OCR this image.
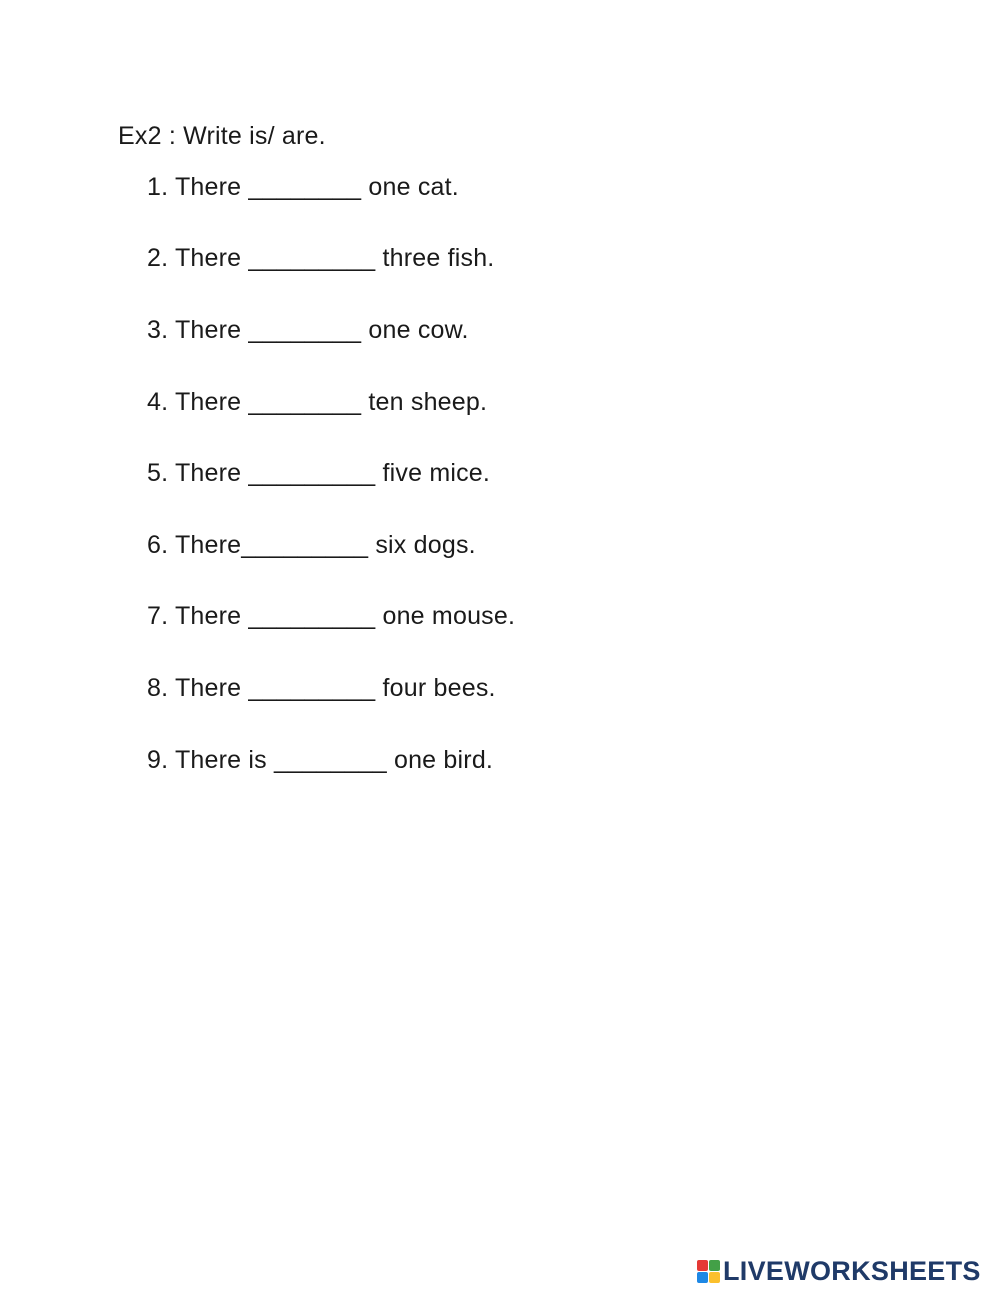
Ex2 : Write is/ are.
1. There ________ one cat.
2. There _________ three fish.
3. There ________ one cow.
4. There ________ ten sheep.
5. There _________ five mice.
6. There_________ six dogs.
7. There _________ one mouse.
8. There _________ four bees.
9. There is ________ one bird.
LIVEWORKSHEETS
